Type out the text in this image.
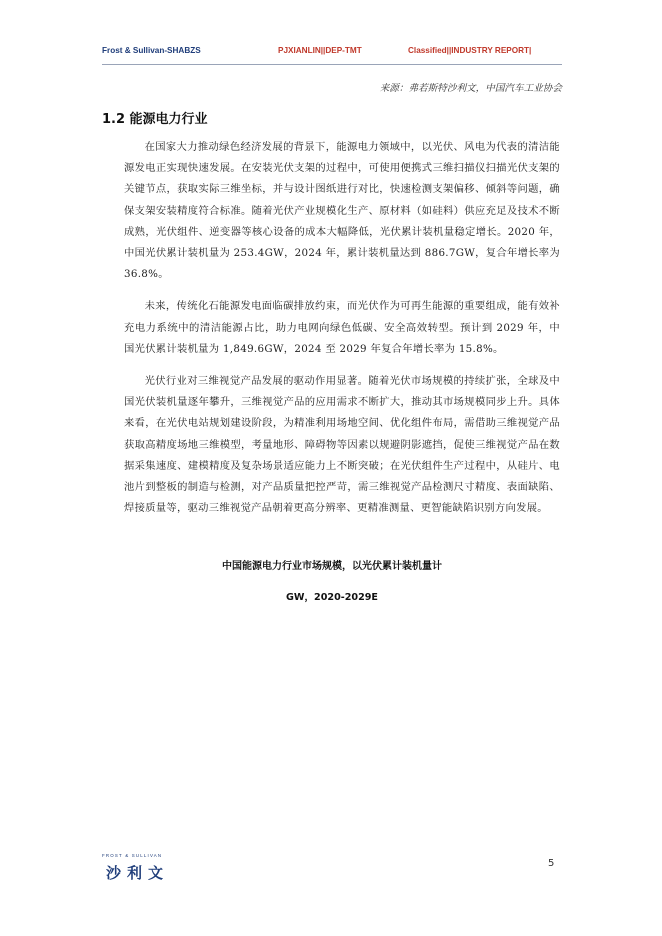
Frost & Sullivan-SHABZS	PJXIANLIN||DEP-TMT	Classified||INDUSTRY REPORT|
来源：弗若斯特沙利文，中国汽车工业协会
1.2 能源电力行业

在国家大力推动绿色经济发展的背景下，能源电力领域中，以光伏、风电为代表的清洁能源发电正实现快速发展。在安装光伏支架的过程中，可使用便携式三维扫描仪扫描光伏支架的关键节点，获取实际三维坐标，并与设计图纸进行对比，快速检测支架偏移、倾斜等问题，确保支架安装精度符合标准。随着光伏产业规模化生产、原材料（如硅料）供应充足及技术不断成熟，光伏组件、逆变器等核心设备的成本大幅降低，光伏累计装机量稳定增长。2020 年，中国光伏累计装机量为 253.4GW，2024 年，累计装机量达到 886.7GW，复合年增长率为 36.8%。

未来，传统化石能源发电面临碳排放约束，而光伏作为可再生能源的重要组成，能有效补充电力系统中的清洁能源占比，助力电网向绿色低碳、安全高效转型。预计到 2029 年，中国光伏累计装机量为 1,849.6GW，2024 至 2029 年复合年增长率为 15.8%。

光伏行业对三维视觉产品发展的驱动作用显著。随着光伏市场规模的持续扩张，全球及中国光伏装机量逐年攀升，三维视觉产品的应用需求不断扩大，推动其市场规模同步上升。具体来看，在光伏电站规划建设阶段，为精准利用场地空间、优化组件布局，需借助三维视觉产品获取高精度场地三维模型，考量地形、障碍物等因素以规避阴影遮挡，促使三维视觉产品在数据采集速度、建模精度及复杂场景适应能力上不断突破；在光伏组件生产过程中，从硅片、电池片到整板的制造与检测，对产品质量把控严苛，需三维视觉产品检测尺寸精度、表面缺陷、焊接质量等，驱动三维视觉产品朝着更高分辨率、更精准测量、更智能缺陷识别方向发展。

中国能源电力行业市场规模，以光伏累计装机量计
GW，2020-2029E
FROST & SULLIVAN
沙利文
5
